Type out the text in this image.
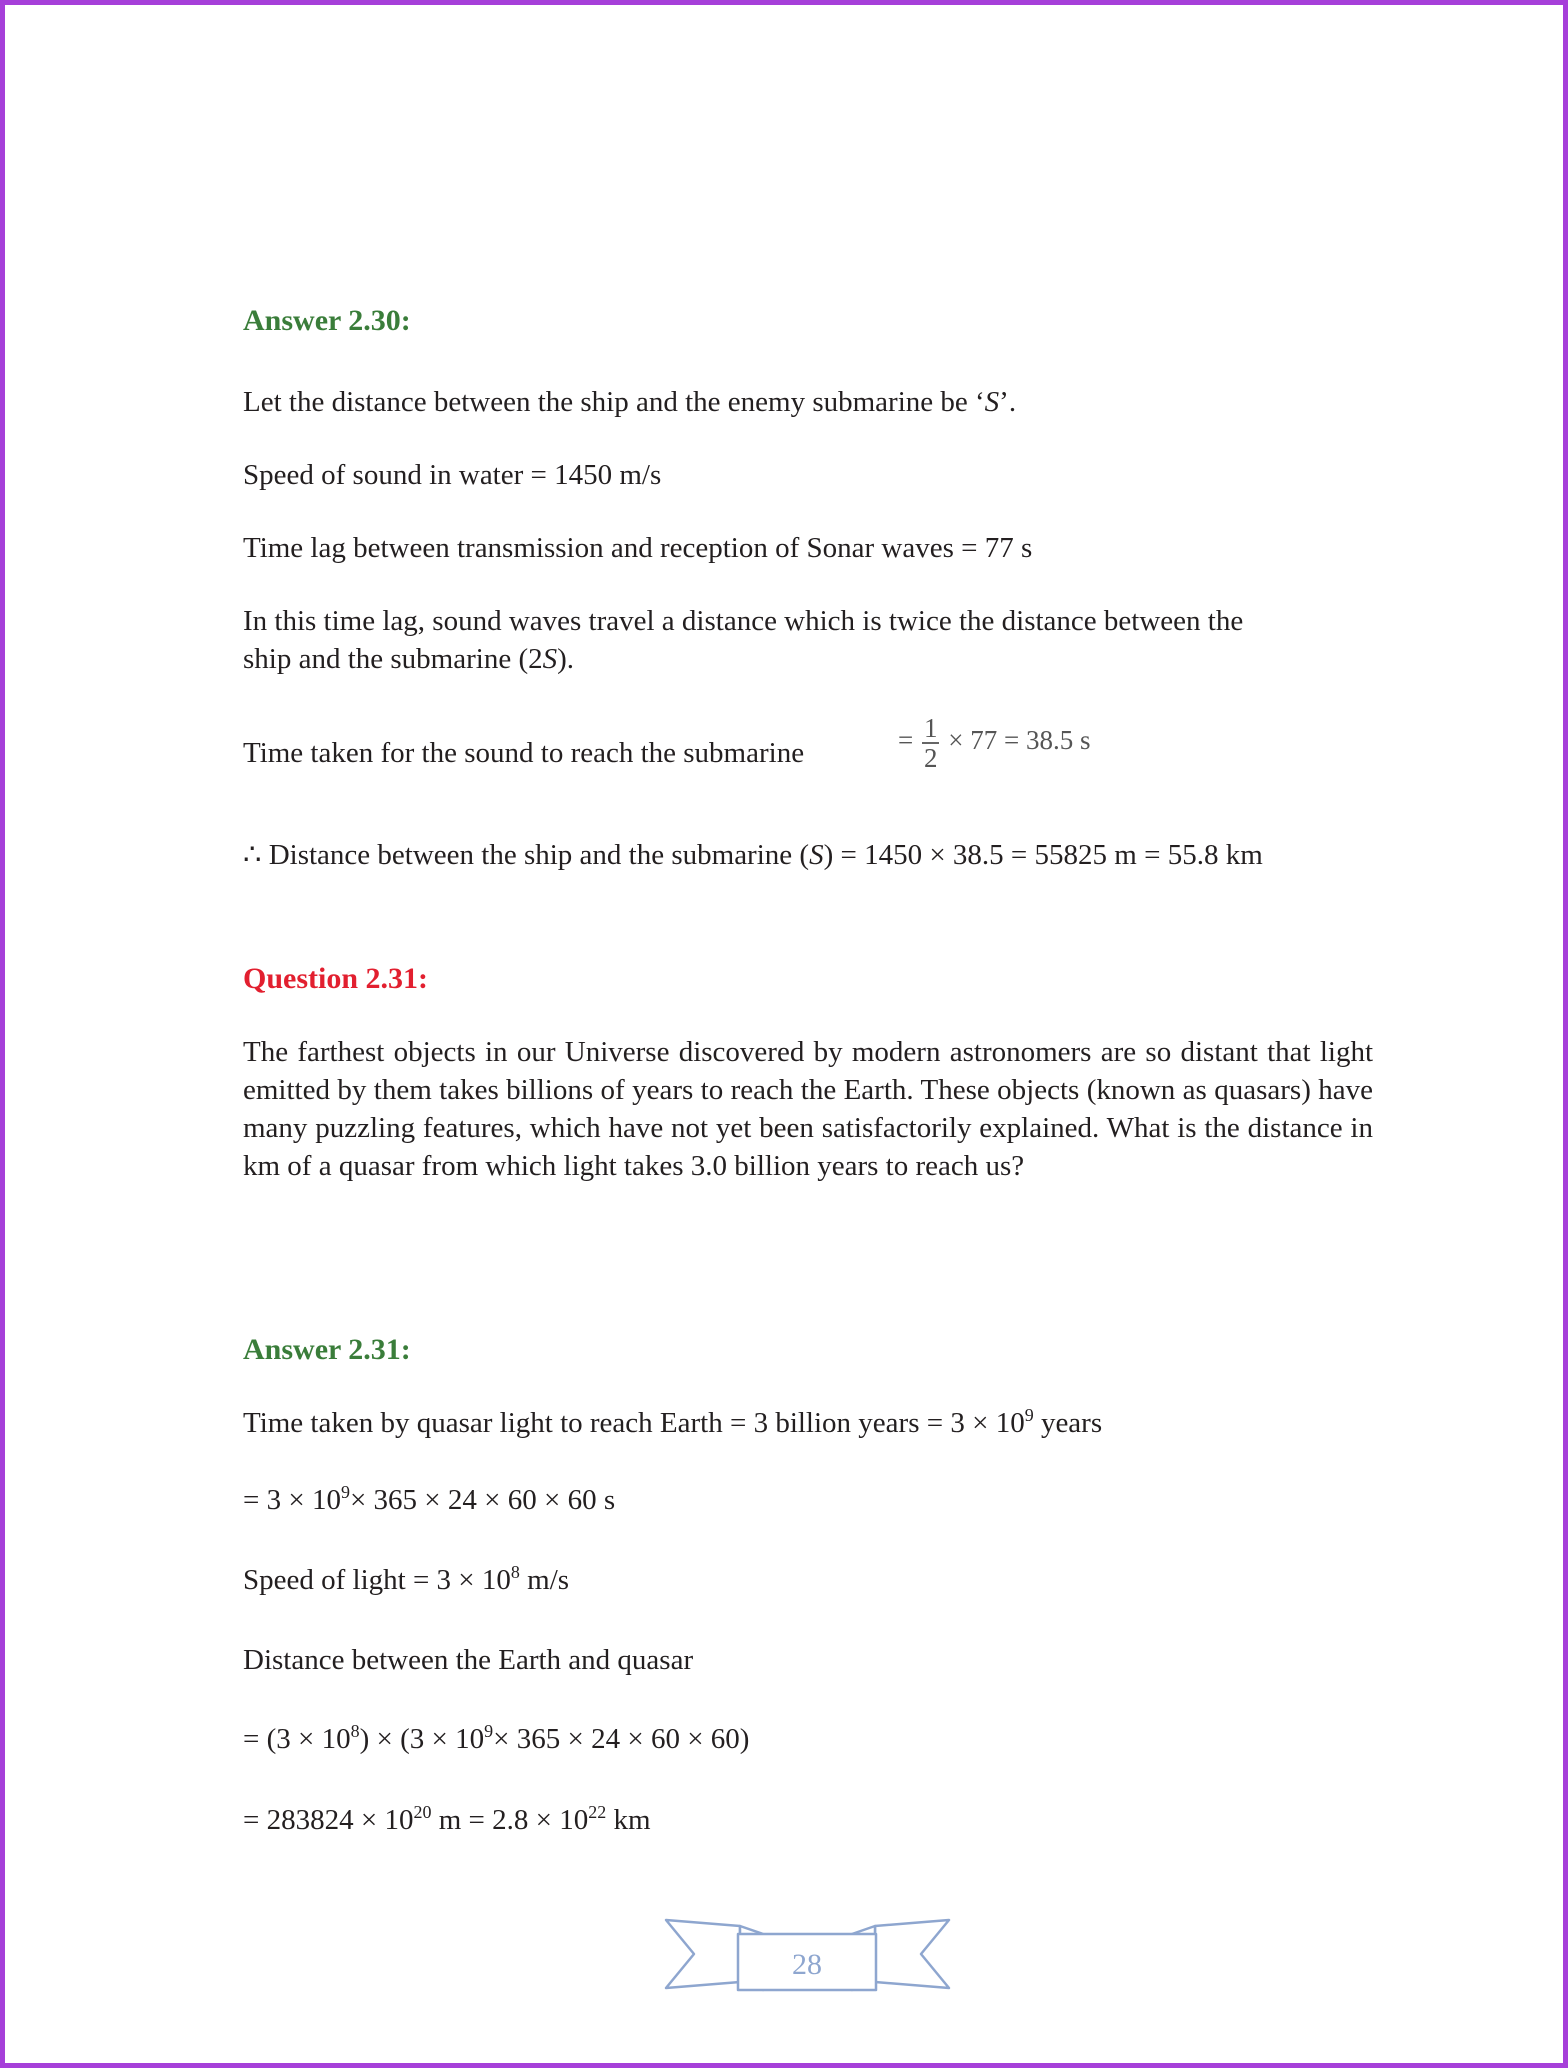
Answer 2.30:

Let the distance between the ship and the enemy submarine be ‘S’.

Speed of sound in water = 1450 m/s

Time lag between transmission and reception of Sonar waves = 77 s

In this time lag, sound waves travel a distance which is twice the distance between the

ship and the submarine (2S).

Time taken for the sound to reach the submarine	= $\frac{1}{2} \times 77 = 38.5$ s

∴ Distance between the ship and the submarine (S) = 1450 × 38.5 = 55825 m = 55.8 km

Question 2.31:

The farthest objects in our Universe discovered by modern astronomers are so distant that light emitted by them takes billions of years to reach the Earth. These objects (known as quasars) have many puzzling features, which have not yet been satisfactorily explained. What is the distance in km of a quasar from which light takes 3.0 billion years to reach us?

Answer 2.31:

Time taken by quasar light to reach Earth = 3 billion years = $3 \times 10^9$ years

= $3 \times 10^9\times 365 \times 24 \times 60 \times 60$ s

Speed of light = $3 \times 10^8$ m/s

Distance between the Earth and quasar

= $(3 \times 10^8) \times (3 \times 10^9\times 365 \times 24 \times 60 \times 60)$

= $283824 \times 10^{20}$ $m = 2.8 \times 10^{22}$ km

28
